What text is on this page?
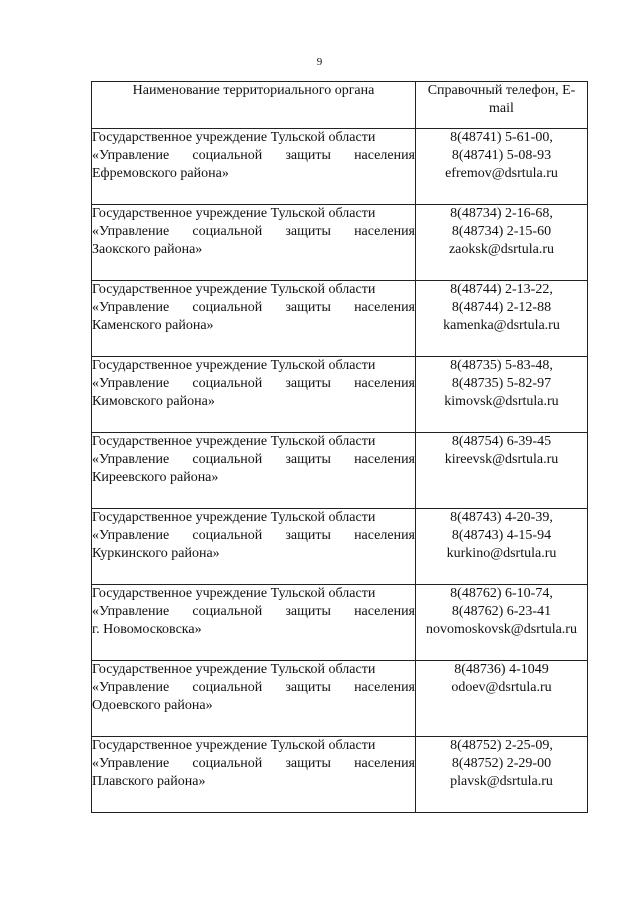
9
Наименование территориального органа	Справочный телефон, E-mail

Государственное учреждение Тульской области
«Управление социальной защиты населения
Ефремовского района»	8(48741) 5-61-00,
8(48741) 5-08-93
efremov@dsrtula.ru

Государственное учреждение Тульской области
«Управление социальной защиты населения
Заокского района»	8(48734) 2-16-68,
8(48734) 2-15-60
zaoksk@dsrtula.ru

Государственное учреждение Тульской области
«Управление социальной защиты населения
Каменского района»	8(48744) 2-13-22,
8(48744) 2-12-88
kamenka@dsrtula.ru

Государственное учреждение Тульской области
«Управление социальной защиты населения
Кимовского района»	8(48735) 5-83-48,
8(48735) 5-82-97
kimovsk@dsrtula.ru

Государственное учреждение Тульской области
«Управление социальной защиты населения
Киреевского района»	8(48754) 6-39-45
kireevsk@dsrtula.ru

Государственное учреждение Тульской области
«Управление социальной защиты населения
Куркинского района»	8(48743) 4-20-39,
8(48743) 4-15-94
kurkino@dsrtula.ru

Государственное учреждение Тульской области
«Управление социальной защиты населения
г. Новомосковска»	8(48762) 6-10-74,
8(48762) 6-23-41
novomoskovsk@dsrtula.ru

Государственное учреждение Тульской области
«Управление социальной защиты населения
Одоевского района»	8(48736) 4-1049
odoev@dsrtula.ru

Государственное учреждение Тульской области
«Управление социальной защиты населения
Плавского района»	8(48752) 2-25-09,
8(48752) 2-29-00
plavsk@dsrtula.ru
